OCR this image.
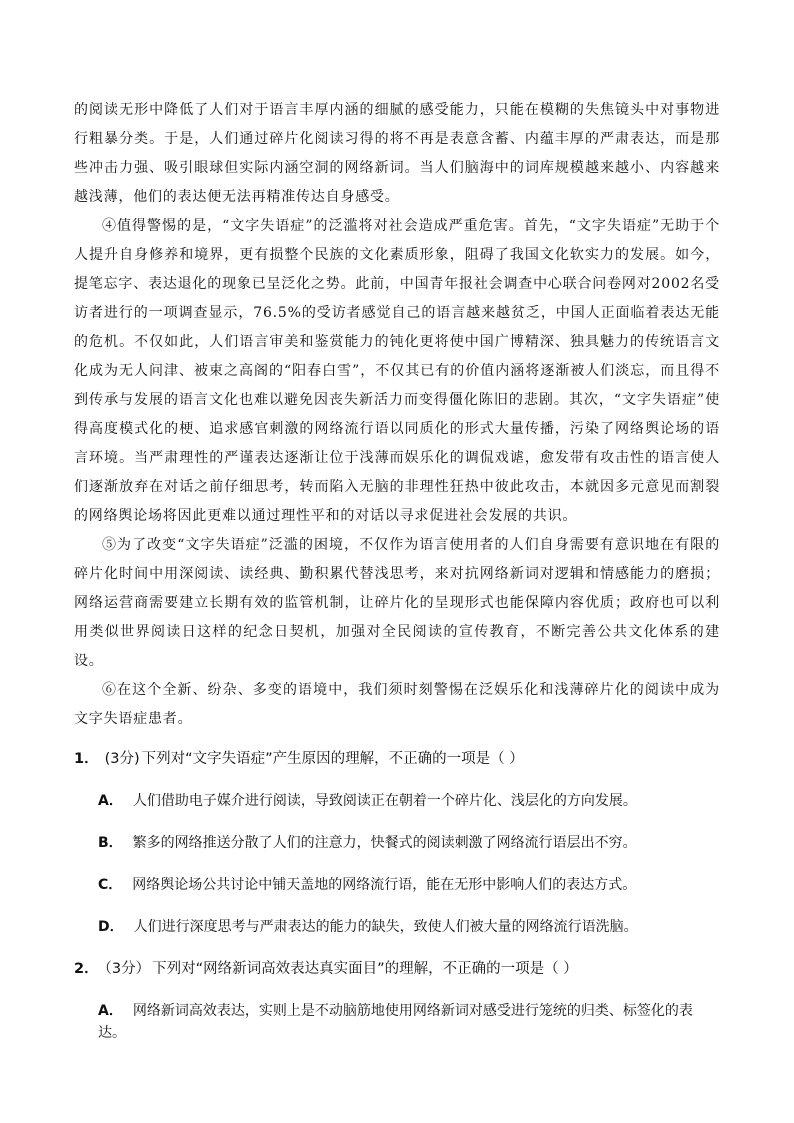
的阅读无形中降低了人们对于语言丰厚内涵的细腻的感受能力，只能在模糊的失焦镜头中对事物进行粗暴分类。于是，人们通过碎片化阅读习得的将不再是表意含蓄、内蕴丰厚的严肃表达，而是那些冲击力强、吸引眼球但实际内涵空洞的网络新词。当人们脑海中的词库规模越来越小、内容越来越浅薄，他们的表达便无法再精准传达自身感受。

④值得警惕的是，“文字失语症”的泛滥将对社会造成严重危害。首先，“文字失语症”无助于个人提升自身修养和境界，更有损整个民族的文化素质形象，阻碍了我国文化软实力的发展。如今，提笔忘字、表达退化的现象已呈泛化之势。此前，中国青年报社会调查中心联合问卷网对2002名受访者进行的一项调查显示，76.5%的受访者感觉自己的语言越来越贫乏，中国人正面临着表达无能的危机。不仅如此，人们语言审美和鉴赏能力的钝化更将使中国广博精深、独具魅力的传统语言文化成为无人问津、被束之高阁的“阳春白雪”，不仅其已有的价值内涵将逐渐被人们淡忘，而且得不到传承与发展的语言文化也难以避免因丧失新活力而变得僵化陈旧的悲剧。其次，“文字失语症”使得高度模式化的梗、追求感官刺激的网络流行语以同质化的形式大量传播，污染了网络舆论场的语言环境。当严肃理性的严谨表达逐渐让位于浅薄而娱乐化的调侃戏谑，愈发带有攻击性的语言使人们逐渐放弃在对话之前仔细思考，转而陷入无脑的非理性狂热中彼此攻击，本就因多元意见而割裂的网络舆论场将因此更难以通过理性平和的对话以寻求促进社会发展的共识。

⑤为了改变“文字失语症”泛滥的困境，不仅作为语言使用者的人们自身需要有意识地在有限的碎片化时间中用深阅读、读经典、勤积累代替浅思考，来对抗网络新词对逻辑和情感能力的磨损；网络运营商需要建立长期有效的监管机制，让碎片化的呈现形式也能保障内容优质；政府也可以利用类似世界阅读日这样的纪念日契机，加强对全民阅读的宣传教育，不断完善公共文化体系的建设。

⑥在这个全新、纷杂、多变的语境中，我们须时刻警惕在泛娱乐化和浅薄碎片化的阅读中成为文字失语症患者。

1． (3分) 下列对“文字失语症”产生原因的理解，不正确的一项是（ ）
A． 人们借助电子媒介进行阅读，导致阅读正在朝着一个碎片化、浅层化的方向发展。
B． 繁多的网络推送分散了人们的注意力，快餐式的阅读刺激了网络流行语层出不穷。
C． 网络舆论场公共讨论中铺天盖地的网络流行语，能在无形中影响人们的表达方式。
D． 人们进行深度思考与严肃表达的能力的缺失，致使人们被大量的网络流行语洗脑。
2． （3分） 下列对“网络新词高效表达真实面目”的理解，不正确的一项是（ ）
A． 网络新词高效表达，实则上是不动脑筋地使用网络新词对感受进行笼统的归类、标签化的表达。
